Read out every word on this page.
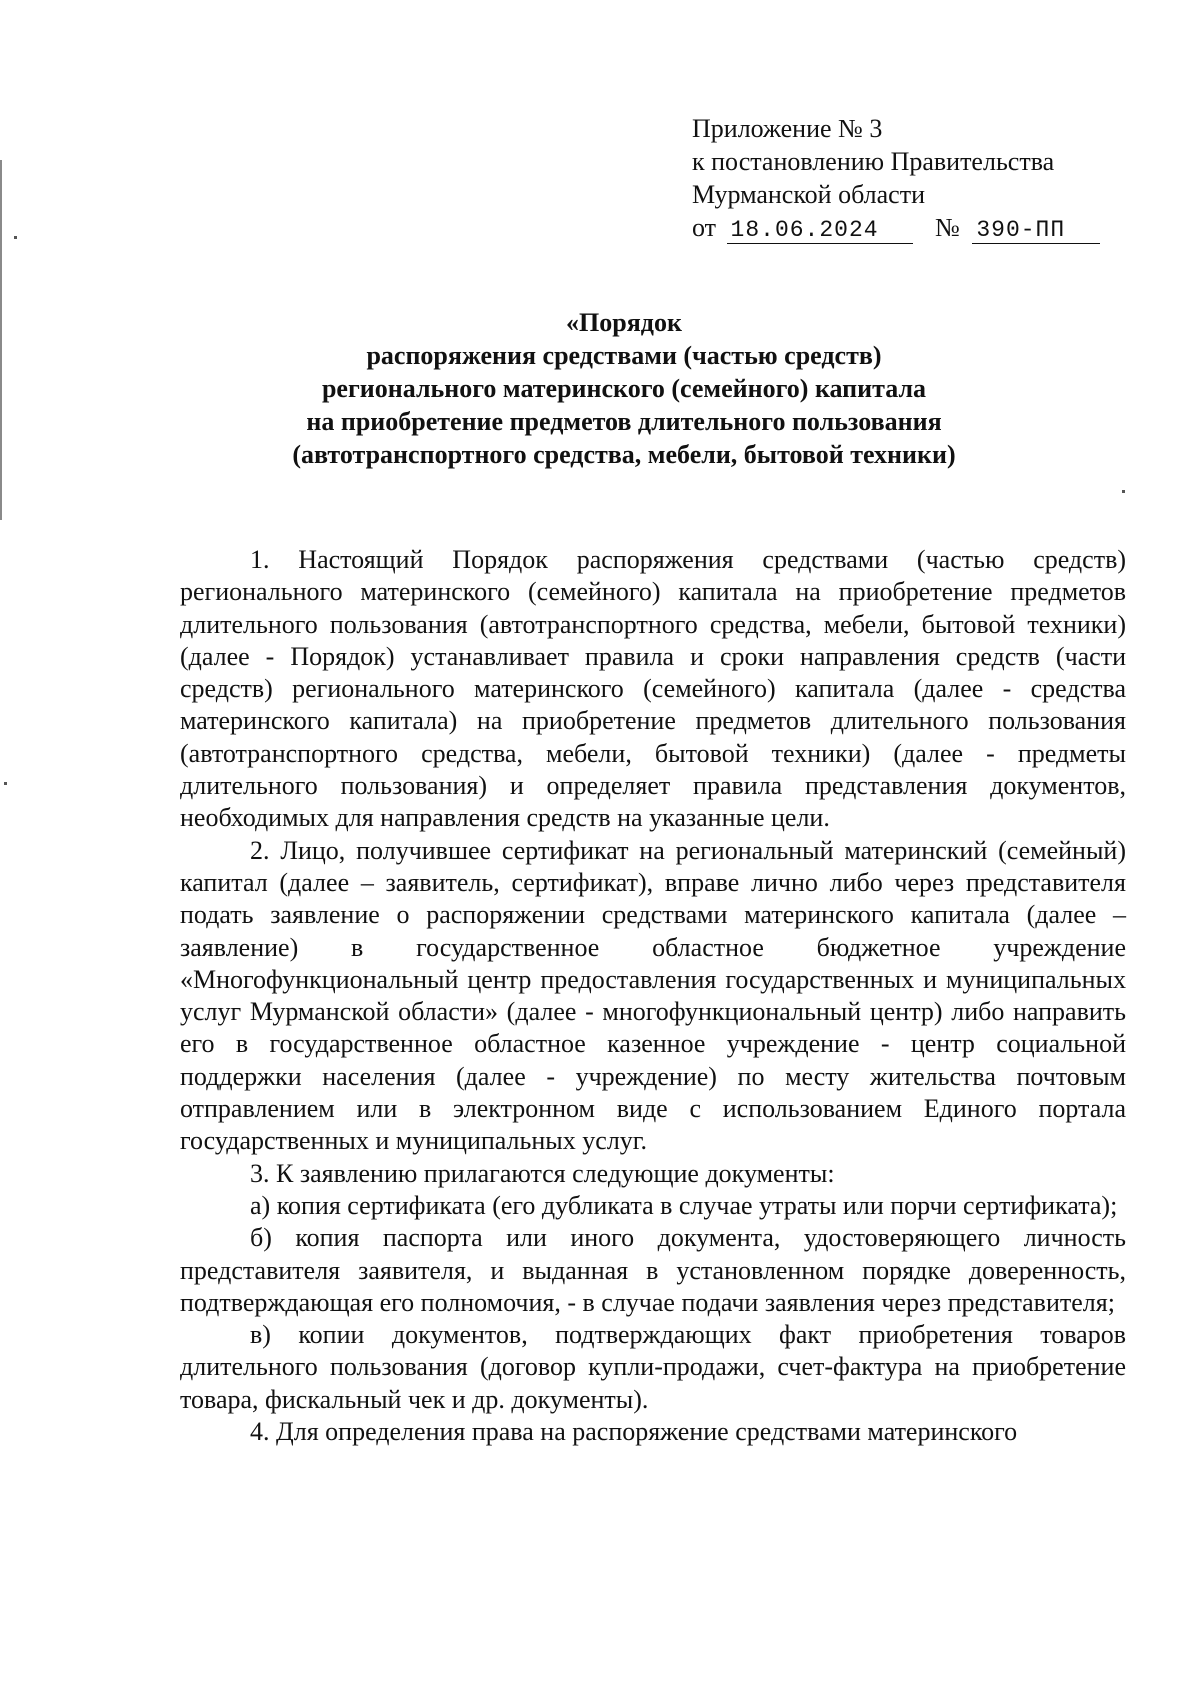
Приложение № 3
к постановлению Правительства
Мурманской области
от 18.06.2024 № 390-ПП
«Порядок
распоряжения средствами (частью средств)
регионального материнского (семейного) капитала
на приобретение предметов длительного пользования
(автотранспортного средства, мебели, бытовой техники)

1. Настоящий Порядок распоряжения средствами (частью средств) регионального материнского (семейного) капитала на приобретение предметов длительного пользования (автотранспортного средства, мебели, бытовой техники) (далее - Порядок) устанавливает правила и сроки направления средств (части средств) регионального материнского (семейного) капитала (далее - средства материнского капитала) на приобретение предметов длительного пользования (автотранспортного средства, мебели, бытовой техники) (далее - предметы длительного пользования) и определяет правила представления документов, необходимых для направления средств на указанные цели.

2. Лицо, получившее сертификат на региональный материнский (семейный) капитал (далее – заявитель, сертификат), вправе лично либо через представителя подать заявление о распоряжении средствами материнского капитала (далее – заявление) в государственное областное бюджетное учреждение «Многофункциональный центр предоставления государственных и муниципальных услуг Мурманской области» (далее - многофункциональный центр) либо направить его в государственное областное казенное учреждение - центр социальной поддержки населения (далее - учреждение) по месту жительства почтовым отправлением или в электронном виде с использованием Единого портала государственных и муниципальных услуг.

3. К заявлению прилагаются следующие документы:

а) копия сертификата (его дубликата в случае утраты или порчи сертификата);

б) копия паспорта или иного документа, удостоверяющего личность представителя заявителя, и выданная в установленном порядке доверенность, подтверждающая его полномочия, - в случае подачи заявления через представителя;

в) копии документов, подтверждающих факт приобретения товаров длительного пользования (договор купли-продажи, счет-фактура на приобретение товара, фискальный чек и др. документы).

4. Для определения права на распоряжение средствами материнского
